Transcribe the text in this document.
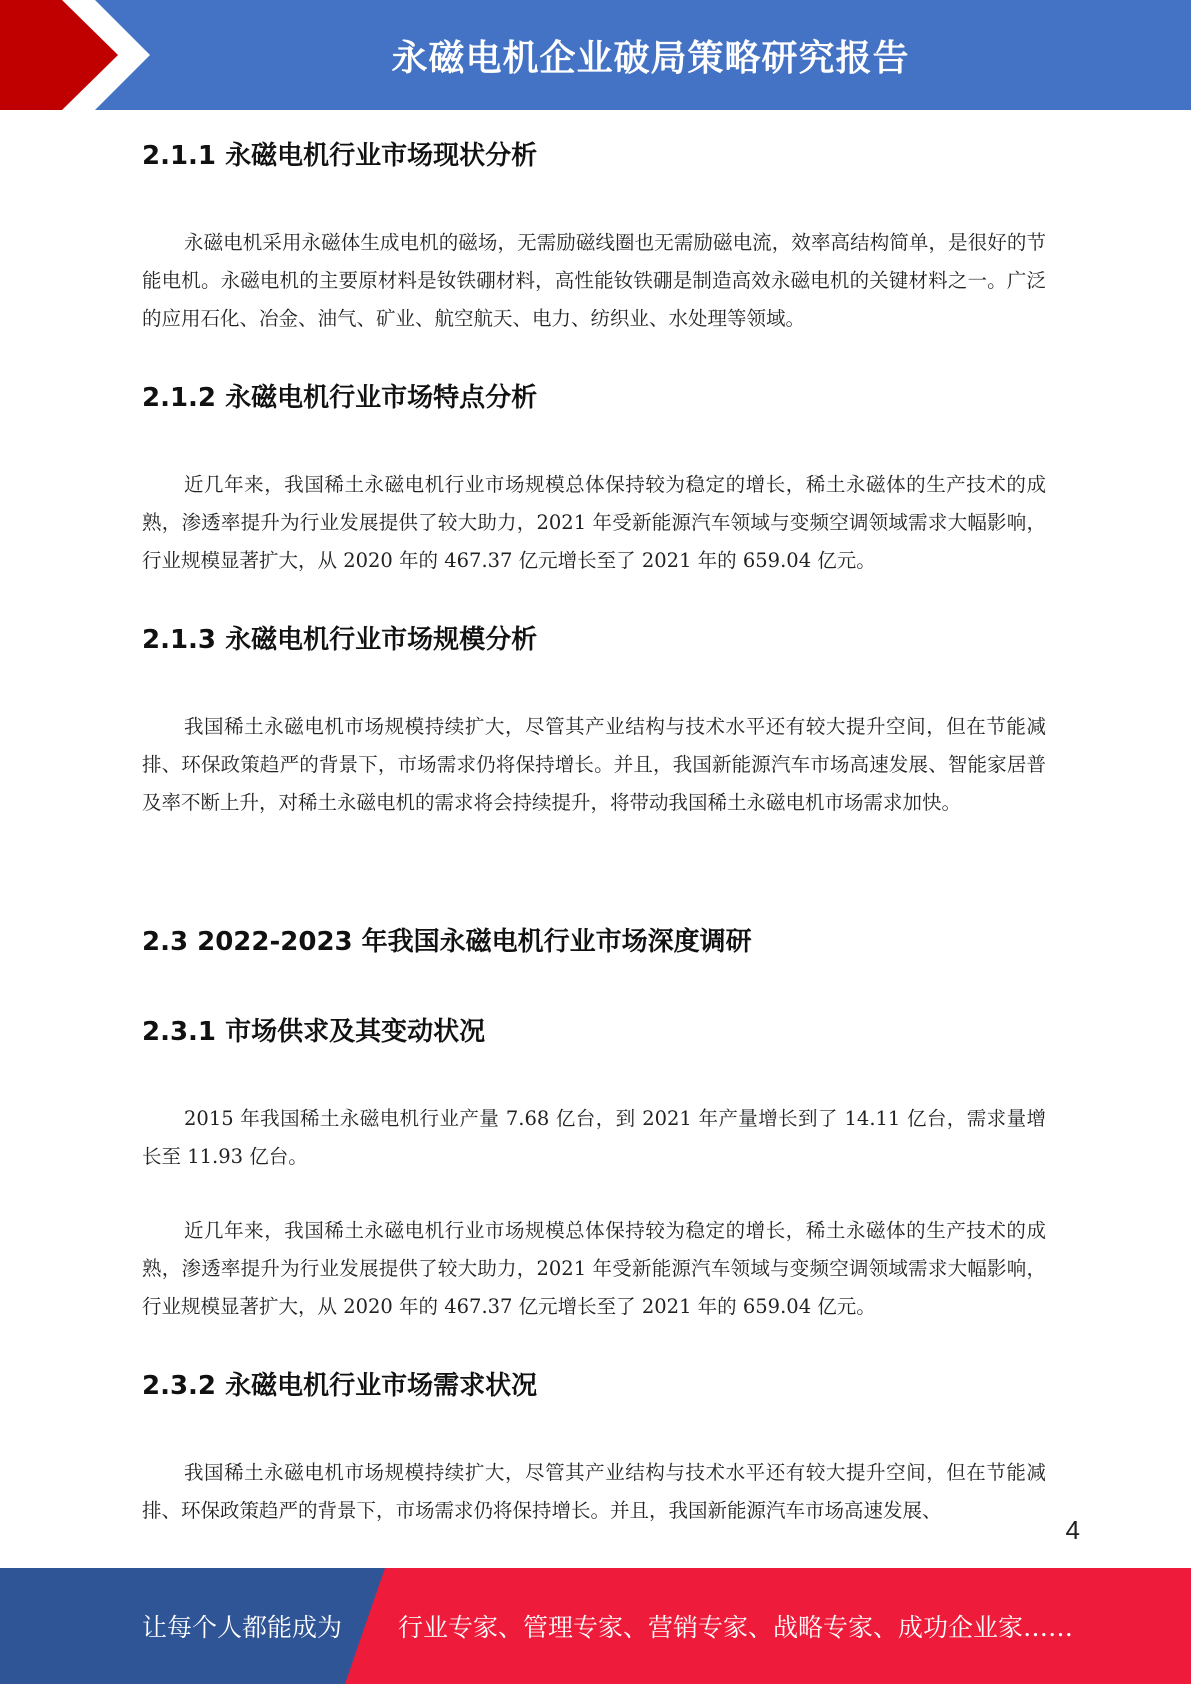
永磁电机企业破局策略研究报告
2.1.1 永磁电机行业市场现状分析

永磁电机采用永磁体生成电机的磁场，无需励磁线圈也无需励磁电流，效率高结构简单，是很好的节能电机。永磁电机的主要原材料是钕铁硼材料，高性能钕铁硼是制造高效永磁电机的关键材料之一。广泛的应用石化、冶金、油气、矿业、航空航天、电力、纺织业、水处理等领域。

2.1.2 永磁电机行业市场特点分析

近几年来，我国稀土永磁电机行业市场规模总体保持较为稳定的增长，稀土永磁体的生产技术的成熟，渗透率提升为行业发展提供了较大助力，2021 年受新能源汽车领域与变频空调领域需求大幅影响，行业规模显著扩大，从 2020 年的 467.37 亿元增长至了 2021 年的 659.04 亿元。

2.1.3 永磁电机行业市场规模分析

我国稀土永磁电机市场规模持续扩大，尽管其产业结构与技术水平还有较大提升空间，但在节能减排、环保政策趋严的背景下，市场需求仍将保持增长。并且，我国新能源汽车市场高速发展、智能家居普及率不断上升，对稀土永磁电机的需求将会持续提升，将带动我国稀土永磁电机市场需求加快。

2.3 2022-2023 年我国永磁电机行业市场深度调研
2.3.1 市场供求及其变动状况

2015 年我国稀土永磁电机行业产量 7.68 亿台，到 2021 年产量增长到了 14.11 亿台，需求量增长至 11.93 亿台。

近几年来，我国稀土永磁电机行业市场规模总体保持较为稳定的增长，稀土永磁体的生产技术的成熟，渗透率提升为行业发展提供了较大助力，2021 年受新能源汽车领域与变频空调领域需求大幅影响，行业规模显著扩大，从 2020 年的 467.37 亿元增长至了 2021 年的 659.04 亿元。

2.3.2 永磁电机行业市场需求状况

我国稀土永磁电机市场规模持续扩大，尽管其产业结构与技术水平还有较大提升空间，但在节能减排、环保政策趋严的背景下，市场需求仍将保持增长。并且，我国新能源汽车市场高速发展、

4
让每个人都能成为 行业专家、管理专家、营销专家、战略专家、成功企业家……
